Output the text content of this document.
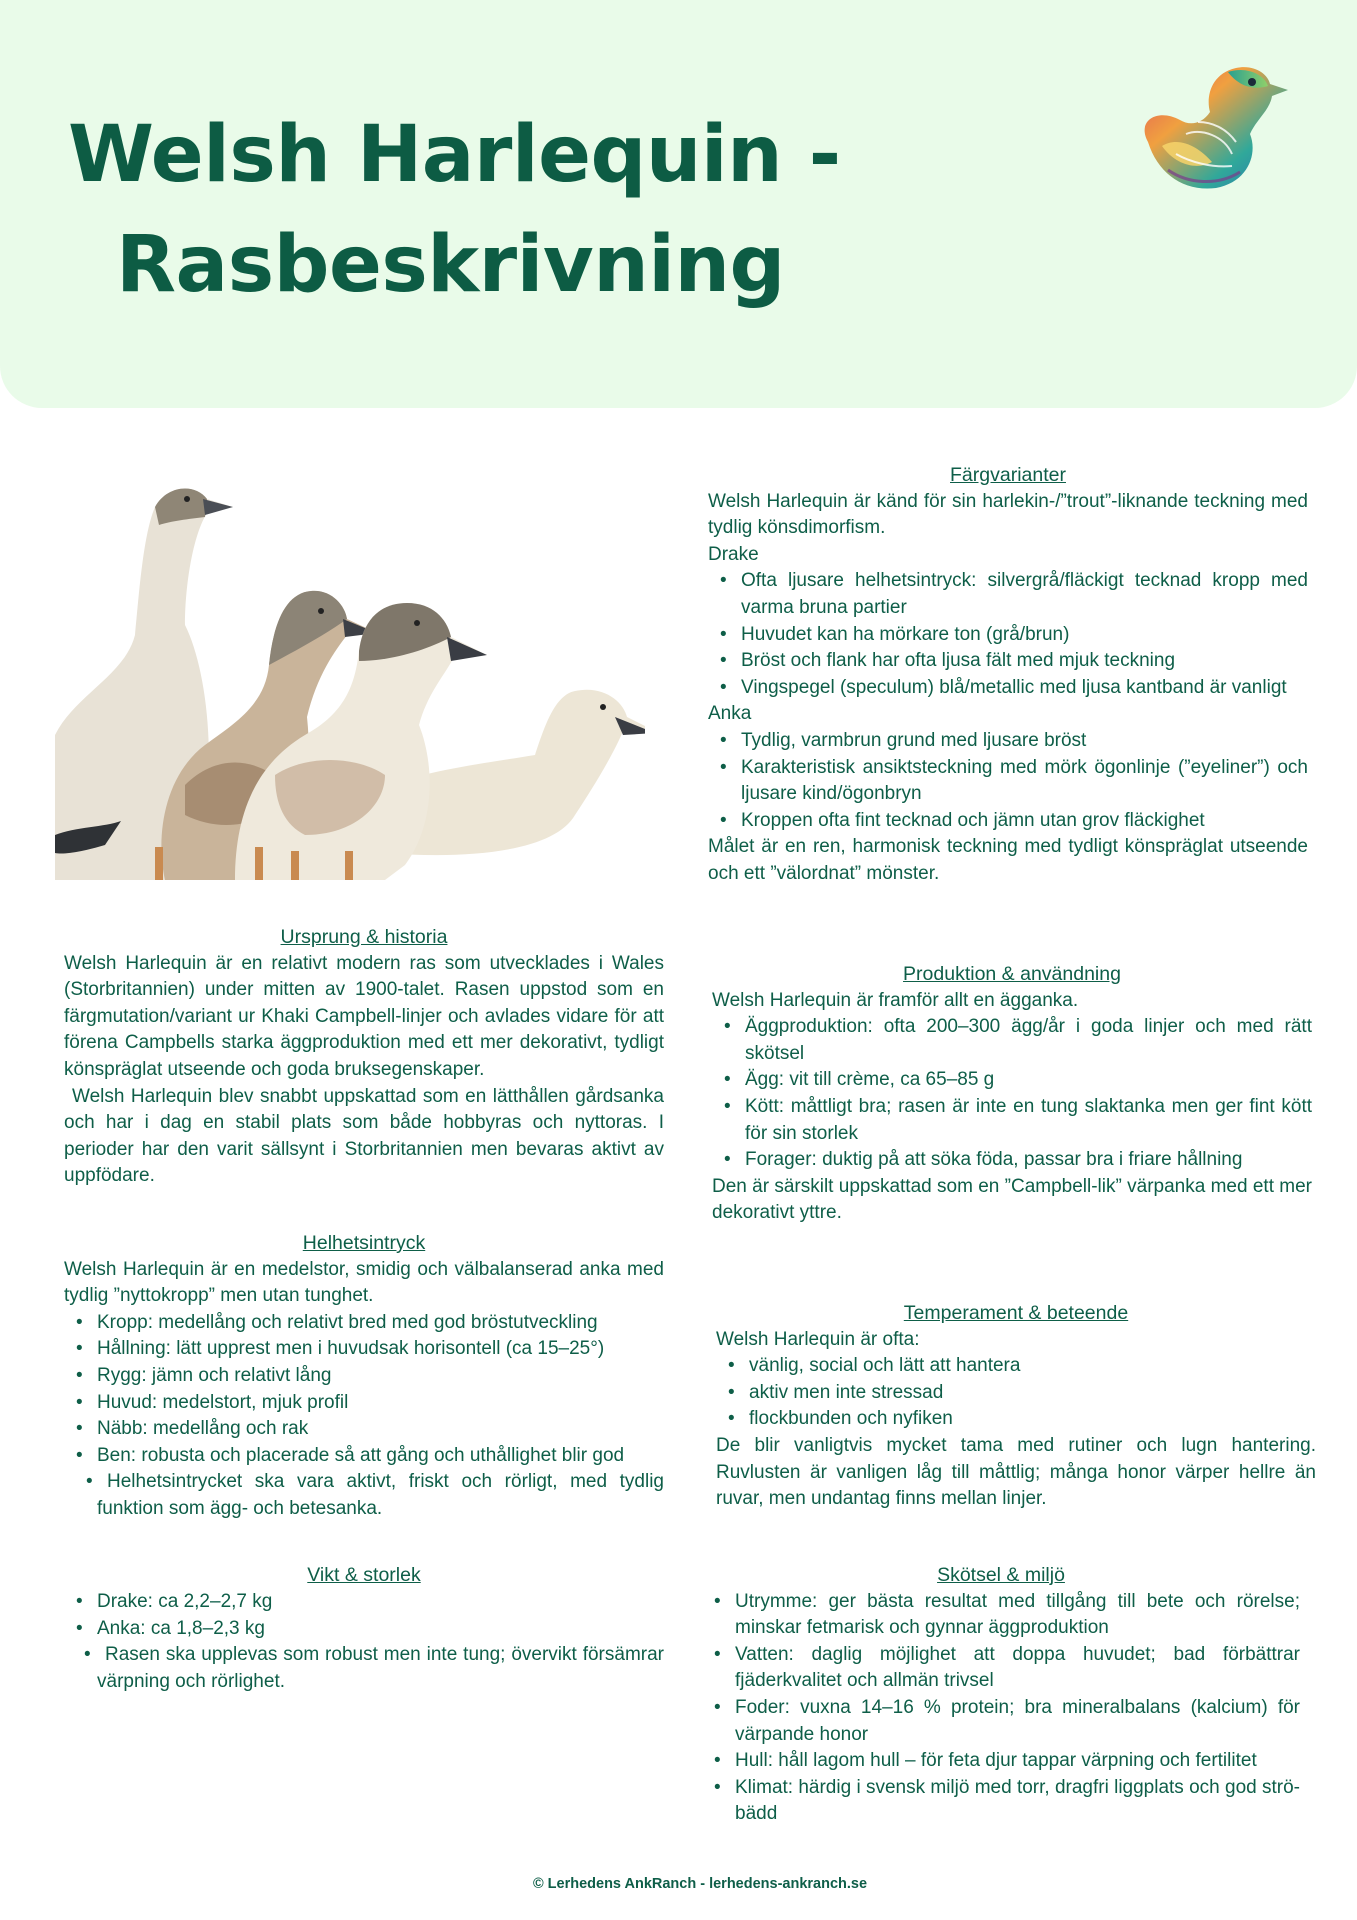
Welsh Harlequin -
Rasbeskrivning
Ursprung & historia

Welsh Harlequin är en relativt modern ras som utvecklades i Wales (Storbritannien) under mitten av 1900-talet. Rasen uppstod som en färgmutation/variant ur Khaki Campbell-linjer och avlades vidare för att förena Campbells starka äggproduktion med ett mer dekorativt, tydligt könspräglat utseende och goda bruksegenskaper.

Welsh Harlequin blev snabbt uppskattad som en lätthållen gårdsanka och har i dag en stabil plats som både hobbyras och nyttoras. I perioder har den varit sällsynt i Storbritannien men bevaras aktivt av uppfödare.

Helhetsintryck

Welsh Harlequin är en medelstor, smidig och välbalanserad anka med tydlig ”nyttokropp” men utan tunghet.

• Kropp: medellång och relativt bred med god bröstutveckling
• Hållning: lätt upprest men i huvudsak horisontell (ca 15–25°)
• Rygg: jämn och relativt lång
• Huvud: medelstort, mjuk profil
• Näbb: medellång och rak
• Ben: robusta och placerade så att gång och uthållighet blir god
• Helhetsintrycket ska vara aktivt, friskt och rörligt, med tydlig funktion som ägg- och betesanka.
Vikt & storlek
• Drake: ca 2,2–2,7 kg
• Anka: ca 1,8–2,3 kg
• Rasen ska upplevas som robust men inte tung; övervikt försämrar värpning och rörlighet.
Färgvarianter

Welsh Harlequin är känd för sin harlekin-/”trout”-liknande teckning med tydlig könsdimorfism.

Drake

• Ofta ljusare helhetsintryck: silvergrå/fläckigt tecknad kropp med varma bruna partier
• Huvudet kan ha mörkare ton (grå/brun)
• Bröst och flank har ofta ljusa fält med mjuk teckning
• Vingspegel (speculum) blå/metallic med ljusa kantband är vanligt

Anka

• Tydlig, varmbrun grund med ljusare bröst
• Karakteristisk ansiktsteckning med mörk ögonlinje (”eyeliner”) och ljusare kind/ögonbryn
• Kroppen ofta fint tecknad och jämn utan grov fläckighet

Målet är en ren, harmonisk teckning med tydligt könspräglat utseende och ett ”välordnat” mönster.

Produktion & användning

Welsh Harlequin är framför allt en ägganka.

• Äggproduktion: ofta 200–300 ägg/år i goda linjer och med rätt skötsel
• Ägg: vit till crème, ca 65–85 g
• Kött: måttligt bra; rasen är inte en tung slaktanka men ger fint kött för sin storlek
• Forager: duktig på att söka föda, passar bra i friare hållning

Den är särskilt uppskattad som en ”Campbell-lik” värpanka med ett mer dekorativt yttre.

Temperament & beteende

Welsh Harlequin är ofta:

• vänlig, social och lätt att hantera
• aktiv men inte stressad
• flockbunden och nyfiken

De blir vanligtvis mycket tama med rutiner och lugn hantering. Ruvlusten är vanligen låg till måttlig; många honor värper hellre än ruvar, men undantag finns mellan linjer.

Skötsel & miljö
• Utrymme: ger bästa resultat med tillgång till bete och rörelse; minskar fetmarisk och gynnar äggproduktion
• Vatten: daglig möjlighet att doppa huvudet; bad förbättrar fjäderkvalitet och allmän trivsel
• Foder: vuxna 14–16 % protein; bra mineralbalans (kalcium) för värpande honor
• Hull: håll lagom hull – för feta djur tappar värpning och fertilitet
• Klimat: härdig i svensk miljö med torr, dragfri liggplats och god ströbädd
© Lerhedens AnkRanch - lerhedens-ankranch.se
